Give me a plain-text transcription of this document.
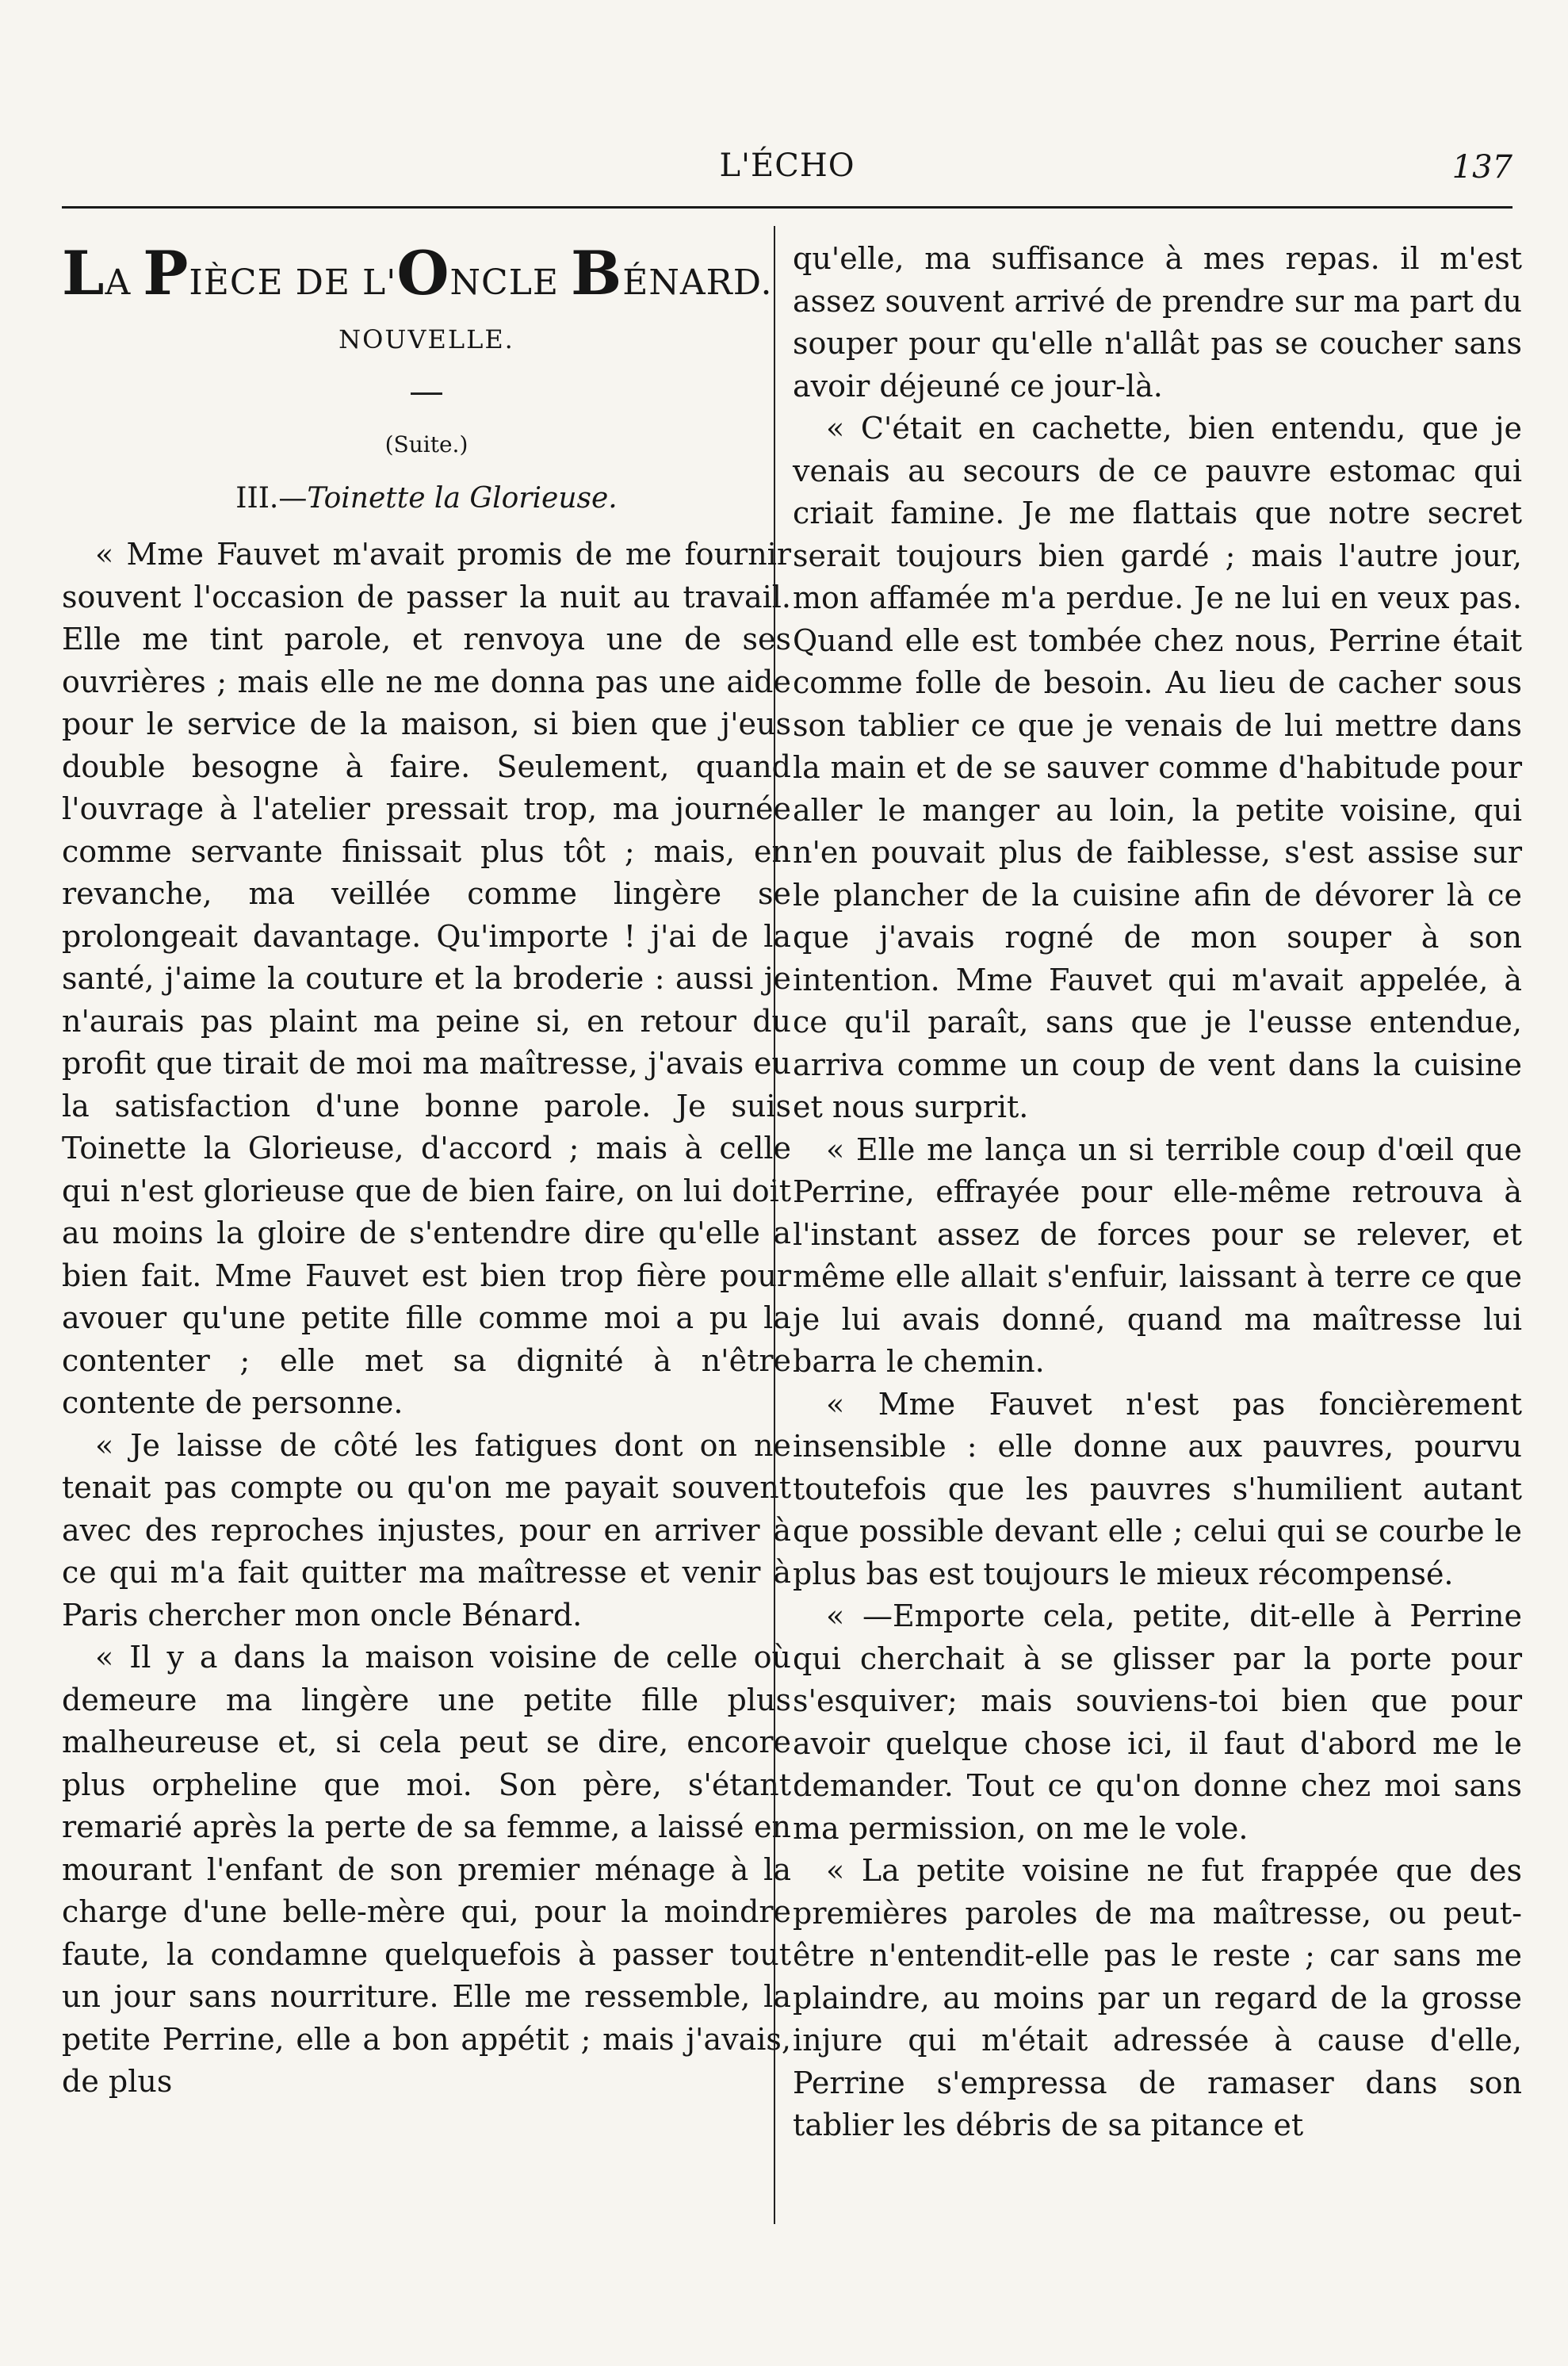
L'ÉCHO	137
LA PIÈCE DE L'ONCLE BÉNARD.
NOUVELLE.
(Suite.)
III.—Toinette la Glorieuse.

« Mme Fauvet m'avait promis de me fournir souvent l'occasion de passer la nuit au travail. Elle me tint parole, et renvoya une de ses ouvrières ; mais elle ne me donna pas une aide pour le service de la maison, si bien que j'eus double besogne à faire. Seulement, quand l'ouvrage à l'atelier pressait trop, ma journée comme servante finissait plus tôt ; mais, en revanche, ma veillée comme lingère se prolongeait davantage. Qu'importe ! j'ai de la santé, j'aime la couture et la broderie : aussi je n'aurais pas plaint ma peine si, en retour du profit que tirait de moi ma maîtresse, j'avais eu la satisfaction d'une bonne parole. Je suis Toinette la Glorieuse, d'accord ; mais à celle qui n'est glorieuse que de bien faire, on lui doit au moins la gloire de s'entendre dire qu'elle a bien fait. Mme Fauvet est bien trop fière pour avouer qu'une petite fille comme moi a pu la contenter ; elle met sa dignité à n'être contente de personne.

« Je laisse de côté les fatigues dont on ne tenait pas compte ou qu'on me payait souvent avec des reproches injustes, pour en arriver à ce qui m'a fait quitter ma maîtresse et venir à Paris chercher mon oncle Bénard.

« Il y a dans la maison voisine de celle où demeure ma lingère une petite fille plus malheureuse et, si cela peut se dire, encore plus orpheline que moi. Son père, s'étant remarié après la perte de sa femme, a laissé en mourant l'enfant de son premier ménage à la charge d'une belle-mère qui, pour la moindre faute, la condamne quelquefois à passer tout un jour sans nourriture. Elle me ressemble, la petite Perrine, elle a bon appétit ; mais j'avais, de plus

qu'elle, ma suffisance à mes repas. il m'est assez souvent arrivé de prendre sur ma part du souper pour qu'elle n'allât pas se coucher sans avoir déjeuné ce jour-là.

« C'était en cachette, bien entendu, que je venais au secours de ce pauvre estomac qui criait famine. Je me flattais que notre secret serait toujours bien gardé ; mais l'autre jour, mon affamée m'a perdue. Je ne lui en veux pas. Quand elle est tombée chez nous, Perrine était comme folle de besoin. Au lieu de cacher sous son tablier ce que je venais de lui mettre dans la main et de se sauver comme d'habitude pour aller le manger au loin, la petite voisine, qui n'en pouvait plus de faiblesse, s'est assise sur le plancher de la cuisine afin de dévorer là ce que j'avais rogné de mon souper à son intention. Mme Fauvet qui m'avait appelée, à ce qu'il paraît, sans que je l'eusse entendue, arriva comme un coup de vent dans la cuisine et nous surprit.

« Elle me lança un si terrible coup d'œil que Perrine, effrayée pour elle-même retrouva à l'instant assez de forces pour se relever, et même elle allait s'enfuir, laissant à terre ce que je lui avais donné, quand ma maîtresse lui barra le chemin.

« Mme Fauvet n'est pas foncièrement insensible : elle donne aux pauvres, pourvu toutefois que les pauvres s'humilient autant que possible devant elle ; celui qui se courbe le plus bas est toujours le mieux récompensé.

« —Emporte cela, petite, dit-elle à Perrine qui cherchait à se glisser par la porte pour s'esquiver; mais souviens-toi bien que pour avoir quelque chose ici, il faut d'abord me le demander. Tout ce qu'on donne chez moi sans ma permission, on me le vole.

« La petite voisine ne fut frappée que des premières paroles de ma maîtresse, ou peut-être n'entendit-elle pas le reste ; car sans me plaindre, au moins par un regard de la grosse injure qui m'était adressée à cause d'elle, Perrine s'empressa de ramaser dans son tablier les débris de sa pitance et
